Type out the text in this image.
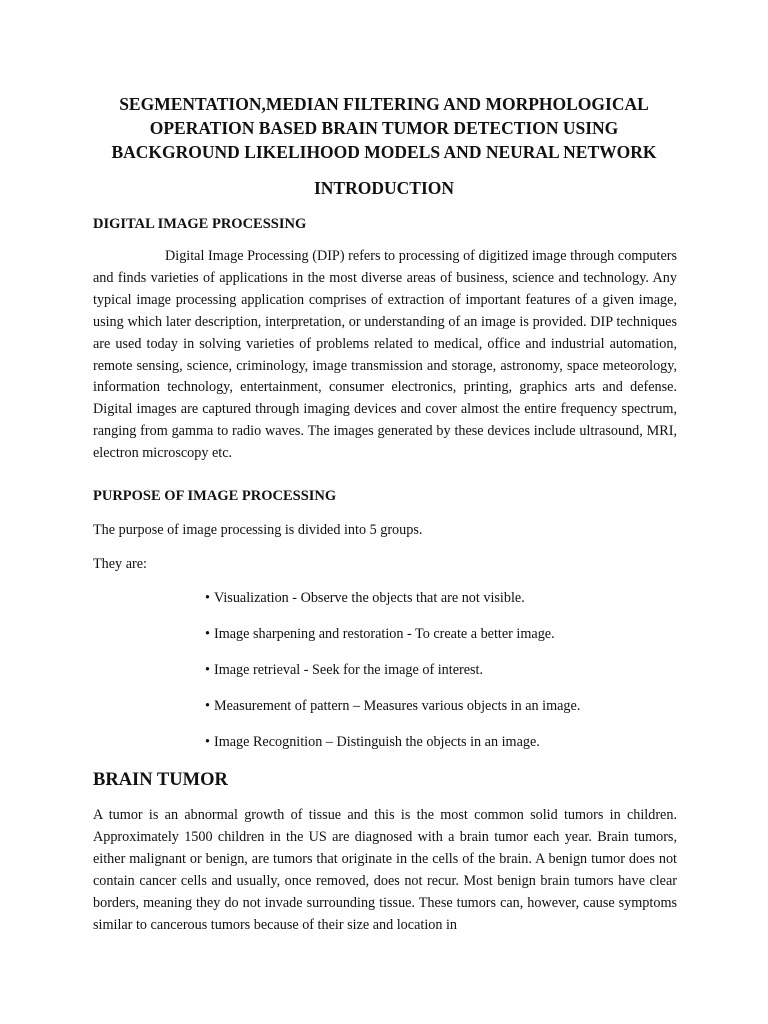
SEGMENTATION,MEDIAN FILTERING AND MORPHOLOGICAL
OPERATION BASED BRAIN TUMOR DETECTION USING
BACKGROUND LIKELIHOOD MODELS AND NEURAL NETWORK
INTRODUCTION
DIGITAL IMAGE PROCESSING

Digital Image Processing (DIP) refers to processing of digitized image through computers and finds varieties of applications in the most diverse areas of business, science and technology. Any typical image processing application comprises of extraction of important features of a given image, using which later description, interpretation, or understanding of an image is provided. DIP techniques are used today in solving varieties of problems related to medical, office and industrial automation, remote sensing, science, criminology, image transmission and storage, astronomy, space meteorology, information technology, entertainment, consumer electronics, printing, graphics arts and defense. Digital images are captured through imaging devices and cover almost the entire frequency spectrum, ranging from gamma to radio waves. The images generated by these devices include ultrasound, MRI, electron microscopy etc.

PURPOSE OF IMAGE PROCESSING

The purpose of image processing is divided into 5 groups.

They are:

• Visualization - Observe the objects that are not visible.

• Image sharpening and restoration - To create a better image.

• Image retrieval - Seek for the image of interest.

• Measurement of pattern – Measures various objects in an image.

• Image Recognition – Distinguish the objects in an image.

BRAIN TUMOR

A tumor is an abnormal growth of tissue and this is the most common solid tumors in children. Approximately 1500 children in the US are diagnosed with a brain tumor each year. Brain tumors, either malignant or benign, are tumors that originate in the cells of the brain. A benign tumor does not contain cancer cells and usually, once removed, does not recur. Most benign brain tumors have clear borders, meaning they do not invade surrounding tissue. These tumors can, however, cause symptoms similar to cancerous tumors because of their size and location in
